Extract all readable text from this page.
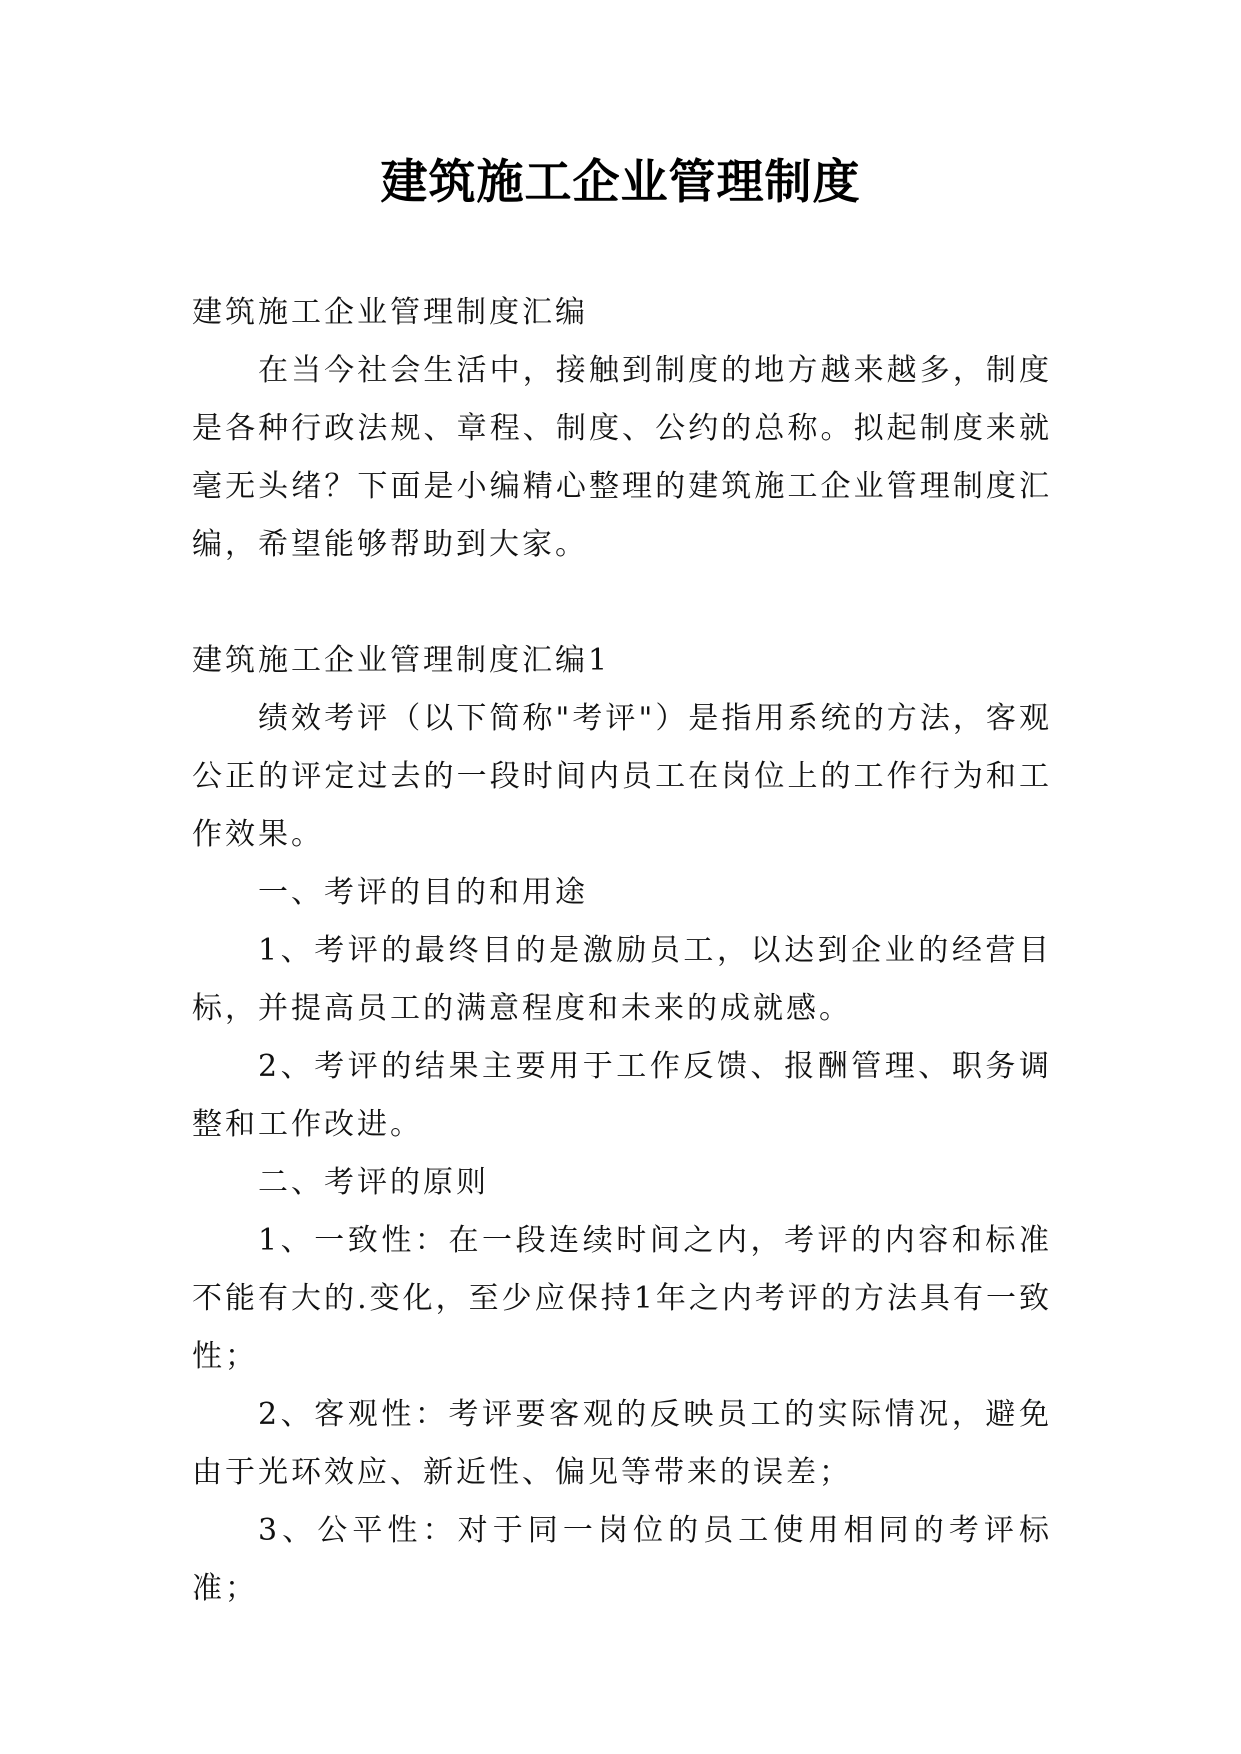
建筑施工企业管理制度

建筑施工企业管理制度汇编

在当今社会生活中，接触到制度的地方越来越多，制度是各种行政法规、章程、制度、公约的总称。拟起制度来就毫无头绪？下面是小编精心整理的建筑施工企业管理制度汇编，希望能够帮助到大家。

建筑施工企业管理制度汇编1

绩效考评（以下简称"考评"）是指用系统的方法，客观公正的评定过去的一段时间内员工在岗位上的工作行为和工作效果。

一、考评的目的和用途

1、考评的最终目的是激励员工，以达到企业的经营目标，并提高员工的满意程度和未来的成就感。

2、考评的结果主要用于工作反馈、报酬管理、职务调整和工作改进。

二、考评的原则

1、一致性：在一段连续时间之内，考评的内容和标准不能有大的.变化，至少应保持1年之内考评的方法具有一致性；

2、客观性：考评要客观的反映员工的实际情况，避免由于光环效应、新近性、偏见等带来的误差；

3、公平性：对于同一岗位的员工使用相同的考评标准；
